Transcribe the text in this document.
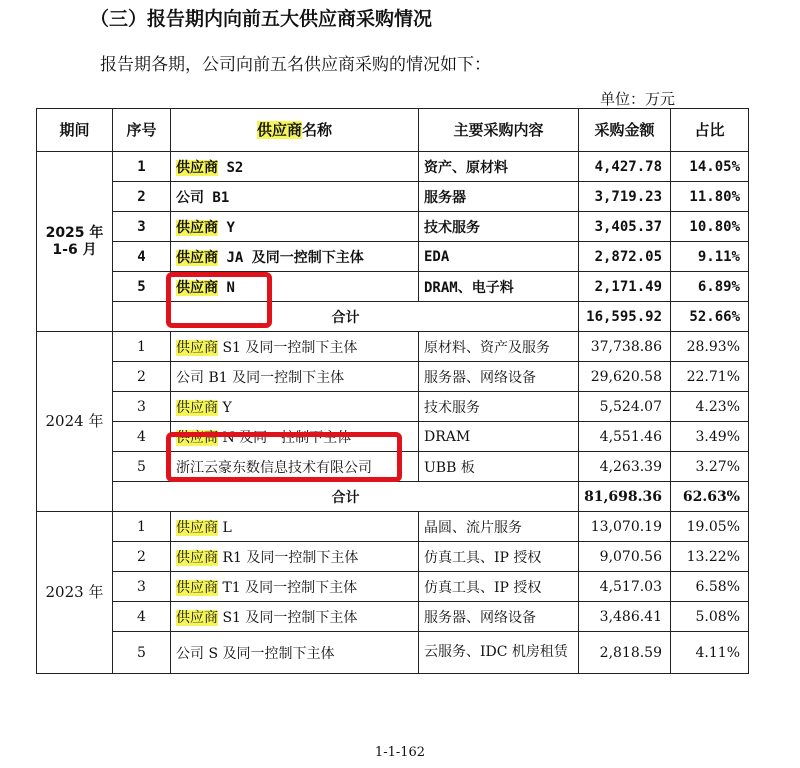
（三）报告期内向前五大供应商采购情况
报告期各期，公司向前五名供应商采购的情况如下：
单位：万元
期间	序号	供应商名称	主要采购内容	采购金额	占比
2025 年 1-6 月	1	供应商 S2	资产、原材料	4,427.78	14.05%
	2	公司 B1	服务器	3,719.23	11.80%
	3	供应商 Y	技术服务	3,405.37	10.80%
	4	供应商 JA 及同一控制下主体	EDA	2,872.05	9.11%
	5	供应商 N	DRAM、电子料	2,171.49	6.89%
	合计			16,595.92	52.66%
2024 年	1	供应商 S1 及同一控制下主体	原材料、资产及服务	37,738.86	28.93%
	2	公司 B1 及同一控制下主体	服务器、网络设备	29,620.58	22.71%
	3	供应商 Y	技术服务	5,524.07	4.23%
	4	供应商 N 及同一控制下主体	DRAM	4,551.46	3.49%
	5	浙江云豪东数信息技术有限公司	UBB 板	4,263.39	3.27%
	合计			81,698.36	62.63%
2023 年	1	供应商 L	晶圆、流片服务	13,070.19	19.05%
	2	供应商 R1 及同一控制下主体	仿真工具、IP 授权	9,070.56	13.22%
	3	供应商 T1 及同一控制下主体	仿真工具、IP 授权	4,517.03	6.58%
	4	供应商 S1 及同一控制下主体	服务器、网络设备	3,486.41	5.08%
	5	公司 S 及同一控制下主体	云服务、IDC 机房租赁	2,818.59	4.11%
1-1-162
